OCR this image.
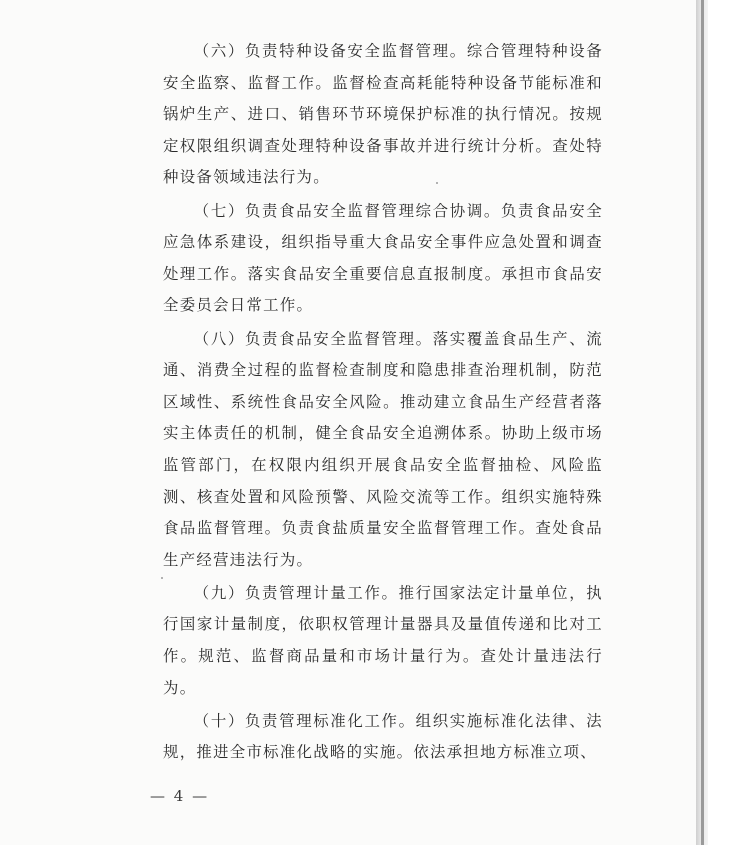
（六）负责特种设备安全监督管理。综合管理特种设备安全监察、监督工作。监督检查高耗能特种设备节能标准和锅炉生产、进口、销售环节环境保护标准的执行情况。按规定权限组织调查处理特种设备事故并进行统计分析。查处特种设备领域违法行为。

（七）负责食品安全监督管理综合协调。负责食品安全应急体系建设，组织指导重大食品安全事件应急处置和调查处理工作。落实食品安全重要信息直报制度。承担市食品安全委员会日常工作。

（八）负责食品安全监督管理。落实覆盖食品生产、流通、消费全过程的监督检查制度和隐患排查治理机制，防范区域性、系统性食品安全风险。推动建立食品生产经营者落实主体责任的机制，健全食品安全追溯体系。协助上级市场监管部门，在权限内组织开展食品安全监督抽检、风险监测、核查处置和风险预警、风险交流等工作。组织实施特殊食品监督管理。负责食盐质量安全监督管理工作。查处食品生产经营违法行为。

（九）负责管理计量工作。推行国家法定计量单位，执行国家计量制度，依职权管理计量器具及量值传递和比对工作。规范、监督商品量和市场计量行为。查处计量违法行为。

（十）负责管理标准化工作。组织实施标准化法律、法规，推进全市标准化战略的实施。依法承担地方标准立项、

— 4 —
